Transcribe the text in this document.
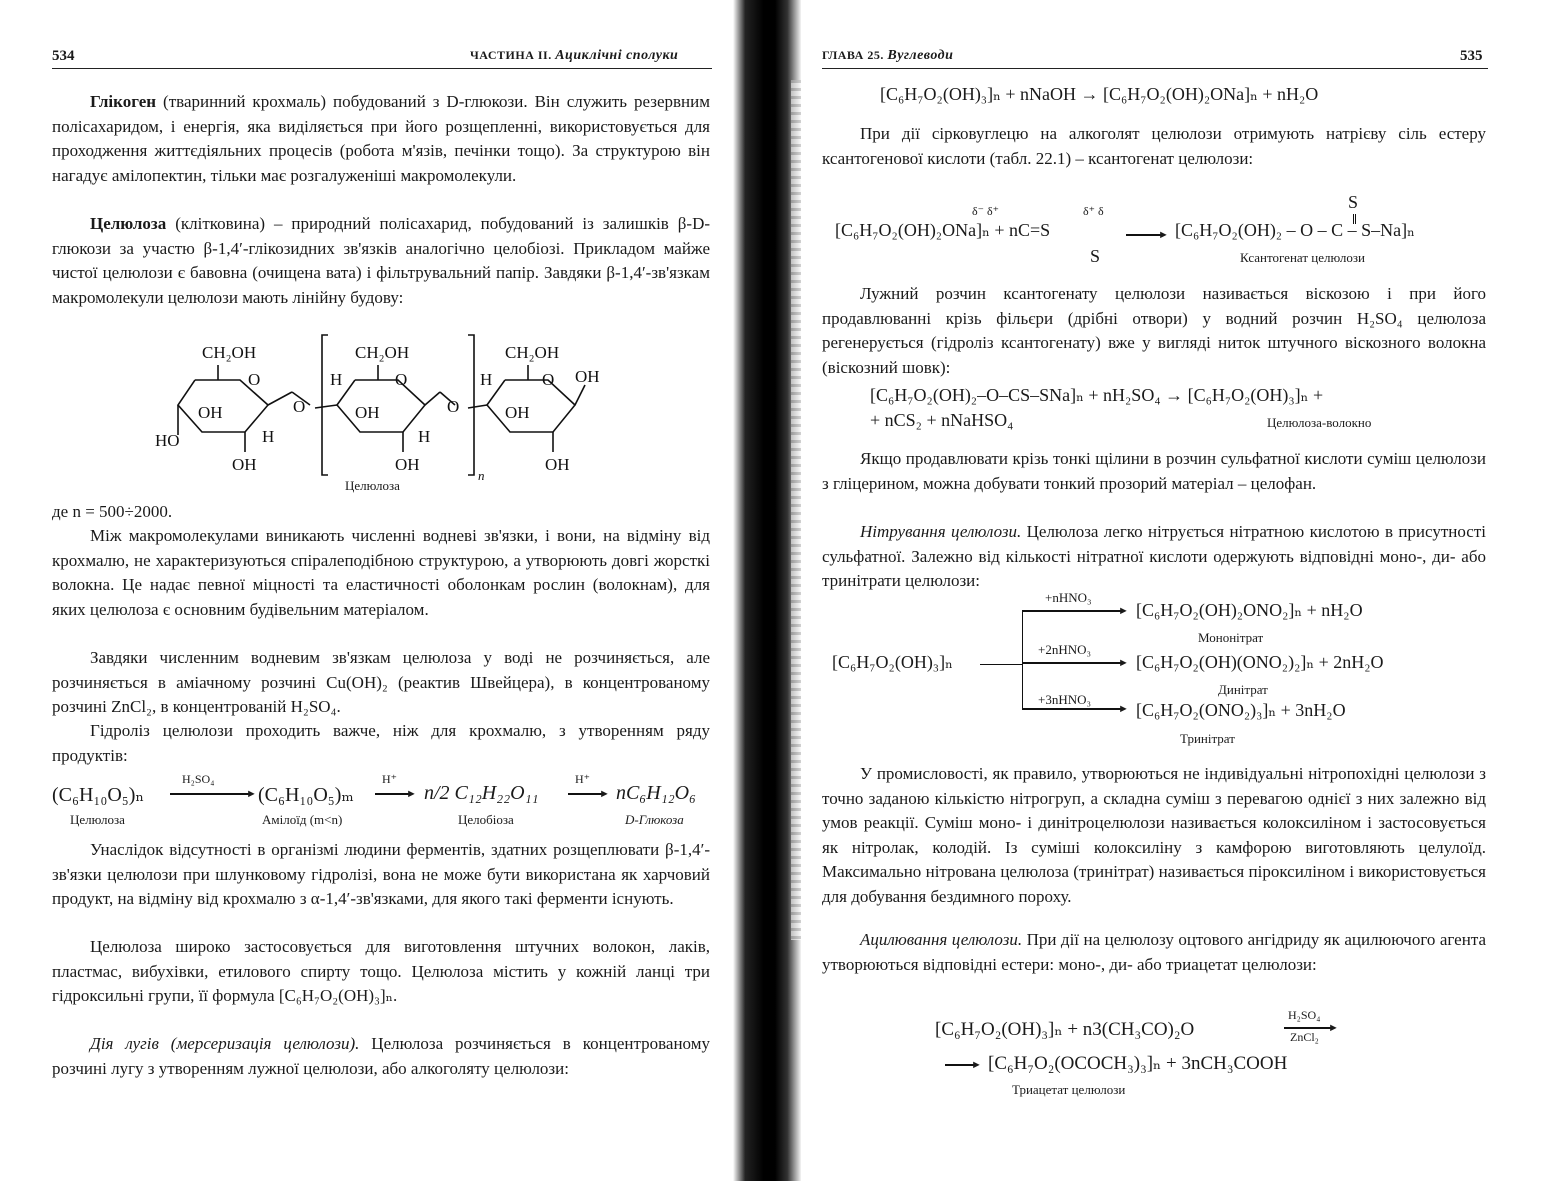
534	ЧАСТИНА II. Ациклічні сполуки

Глікоген (тваринний крохмаль) побудований з D-глюкози. Він служить резервним полісахаридом, і енергія, яка виділяється при його розщепленні, використовується для проходження життєдіяльних процесів (робота м'язів, печінки тощо). За структурою він нагадує амілопектин, тільки має розгалуженіші макромолекули.

Целюлоза (клітковина) – природний полісахарид, побудований із залишків β-D-глюкози за участю β-1,4′-глікозидних зв'язків аналогічно целобіозі. Прикладом майже чистої целюлози є бавовна (очищена вата) і фільтрувальний папір. Завдяки β-1,4′-зв'язкам макромолекули целюлози мають лінійну будову:

CH₂OH
O
OH
HO	H
OH
O
CH₂OH
H	O
OH
H
OH
O
n
CH₂OH
H	O OH
OH
OH
Целюлоза

де n = 500÷2000.

Між макромолекулами виникають численні водневі зв'язки, і вони, на відміну від крохмалю, не характеризуються спіралеподібною структурою, а утворюють довгі жорсткі волокна. Це надає певної міцності та еластичності оболонкам рослин (волокнам), для яких целюлоза є основним будівельним матеріалом.

Завдяки численним водневим зв'язкам целюлоза у воді не розчиняється, але розчиняється в аміачному розчині Cu(OH)₂ (реактив Швейцера), в концентрованому розчині ZnCl₂, в концентрованій H₂SO₄.

Гідроліз целюлози проходить важче, ніж для крохмалю, з утворенням ряду продуктів:

(C₆H₁₀O₅)ₙ
H₂SO₄
► (C₆H₁₀O₅)ₘ
H⁺
► n/2 C₁₂H₂₂O₁₁
H⁺
► nC₆H₁₂O₆
Целюлоза	Амілоїд (m<n)	Целобіоза	D-Глюкоза

Унаслідок відсутності в організмі людини ферментів, здатних розщеплювати β-1,4′-зв'язки целюлози при шлунковому гідролізі, вона не може бути використана як харчовий продукт, на відміну від крохмалю з α-1,4′-зв'язками, для якого такі ферменти існують.

Целюлоза широко застосовується для виготовлення штучних волокон, лаків, пластмас, вибухівки, етилового спирту тощо. Целюлоза містить у кожній ланці три гідроксильні групи, її формула [C₆H₇O₂(OH)₃]ₙ.

Дія лугів (мерсеризація целюлози). Целюлоза розчиняється в концентрованому розчині лугу з утворенням лужної целюлози, або алкоголяту целюлози:

ГЛАВА 25. Вуглеводи	535
[C₆H₇O₂(OH)₃]ₙ + nNaOH → [C₆H₇O₂(OH)₂ONa]ₙ + nH₂O

При дії сірковуглецю на алкоголят целюлози отримують натрієву сіль естеру ксантогенової кислоти (табл. 22.1) – ксантогенат целюлози:

δ⁻ δ⁺	δ⁺ δ
[C₆H₇O₂(OH)₂ONa]ₙ + nC=S
S
►
S
[C₆H₇O₂(OH)₂ – O – C – S–Na]ₙ
Ксантогенат целюлози

Лужний розчин ксантогенату целюлози називається віскозою і при його продавлюванні крізь фільєри (дрібні отвори) у водний розчин H₂SO₄ целюлоза регенерується (гідроліз ксантогенату) вже у вигляді ниток штучного віскозного волокна (віскозний шовк):

[C₆H₇O₂(OH)₂–O–CS–SNa]ₙ + nH₂SO₄ → [C₆H₇O₂(OH)₃]ₙ +
+ nCS₂ + nNaHSO₄	Целюлоза-волокно

Якщо продавлювати крізь тонкі щілини в розчин сульфатної кислоти суміш целюлози з гліцерином, можна добувати тонкий прозорий матеріал – целофан.

Нітрування целюлози. Целюлоза легко нітрується нітратною кислотою в присутності сульфатної. Залежно від кількості нітратної кислоти одержують відповідні моно-, ди- або тринітрати целюлози:

[C₆H₇O₂(OH)₃]ₙ
+nHNO₃
► [C₆H₇O₂(OH)₂ONO₂]ₙ + nH₂O
Мононітрат
+2nHNO₃
► [C₆H₇O₂(OH)(ONO₂)₂]ₙ + 2nH₂O
Динітрат
+3nHNO₃
► [C₆H₇O₂(ONO₂)₃]ₙ + 3nH₂O
Тринітрат

У промисловості, як правило, утворюються не індивідуальні нітропохідні целюлози з точно заданою кількістю нітрогруп, а складна суміш з перевагою однієї з них залежно від умов реакції. Суміш моно- і динітроцелюлози називається колоксиліном і застосовується як нітролак, колодій. Із суміші колоксиліну з камфорою виготовляють целулоїд. Максимально нітрована целюлоза (тринітрат) називається піроксиліном і використовується для добування бездимного пороху.

Ацилювання целюлози. При дії на целюлозу оцтового ангідриду як ацилюючого агента утворюються відповідні естери: моно-, ди- або триацетат целюлози:

[C₆H₇O₂(OH)₃]ₙ + n3(CH₃CO)₂O
H₂SO₄
►
ZnCl₂
► [C₆H₇O₂(OCOCH₃)₃]ₙ + 3nCH₃COOH
Триацетат целюлози
